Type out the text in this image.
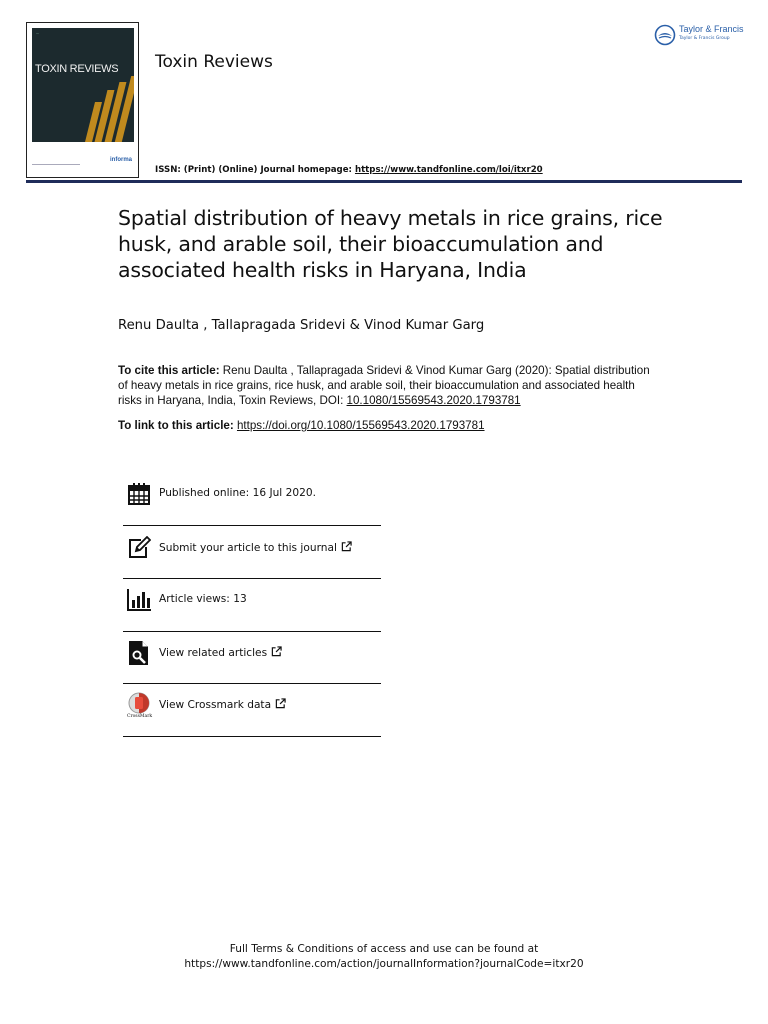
—
TOXIN REVIEWS
informa
Toxin Reviews
ISSN: (Print) (Online) Journal homepage: https://www.tandfonline.com/loi/itxr20
Taylor & Francis
Taylor & Francis Group
Spatial distribution of heavy metals in rice grains, rice husk, and arable soil, their bioaccumulation and associated health risks in Haryana, India
Renu Daulta , Tallapragada Sridevi & Vinod Kumar Garg
To cite this article: Renu Daulta , Tallapragada Sridevi & Vinod Kumar Garg (2020): Spatial distribution of heavy metals in rice grains, rice husk, and arable soil, their bioaccumulation and associated health risks in Haryana, India, Toxin Reviews, DOI: 10.1080/15569543.2020.1793781
To link to this article: https://doi.org/10.1080/15569543.2020.1793781
Published online: 16 Jul 2020.
Submit your article to this journal
Article views: 13
View related articles
CrossMark
View Crossmark data
Full Terms & Conditions of access and use can be found at
https://www.tandfonline.com/action/journalInformation?journalCode=itxr20
